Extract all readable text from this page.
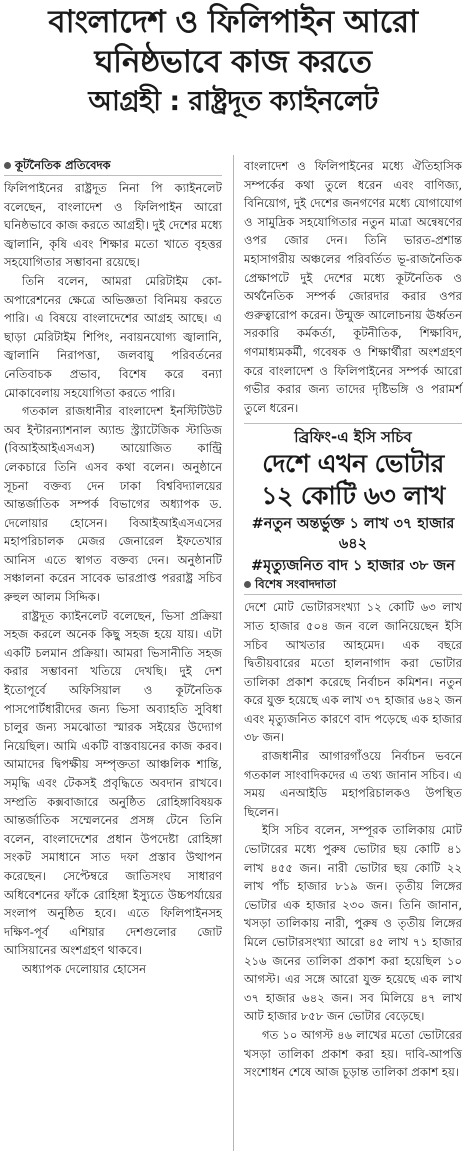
বাংলাদেশ ও ফিলিপাইন আরো
ঘনিষ্ঠভাবে কাজ করতে
আগ্রহী : রাষ্ট্রদূত ক্যাইনলেট
কূটনৈতিক প্রতিবেদক

ফিলিপাইনের রাষ্ট্রদূত নিনা পি ক্যাইনলেট বলেছেন, বাংলাদেশ ও ফিলিপাইন আরো ঘনিষ্ঠভাবে কাজ করতে আগ্রহী। দুই দেশের মধ্যে জ্বালানি, কৃষি এবং শিক্ষার মতো খাতে বৃহত্তর সহযোগিতার সম্ভাবনা রয়েছে।

তিনি বলেন, আমরা মেরিটাইম কো-অপারেশনের ক্ষেত্রে অভিজ্ঞতা বিনিময় করতে পারি। এ বিষয়ে বাংলাদেশের আগ্রহ আছে। এ ছাড়া মেরিটাইম শিপিং, নবায়নযোগ্য জ্বালানি, জ্বালানি নিরাপত্তা, জলবায়ু পরিবর্তনের নেতিবাচক প্রভাব, বিশেষ করে বন্যা মোকাবেলায় সহযোগিতা করতে পারি।

গতকাল রাজধানীর বাংলাদেশ ইনস্টিটিউট অব ইন্টারন্যাশনাল অ্যান্ড স্ট্র্যাটেজিক স্টাডিজ (বিআইআইএসএস) আয়োজিত কান্ট্রি লেকচারে তিনি এসব কথা বলেন। অনুষ্ঠানে সূচনা বক্তব্য দেন ঢাকা বিশ্ববিদ্যালয়ের আন্তর্জাতিক সম্পর্ক বিভাগের অধ্যাপক ড. দেলোয়ার হোসেন। বিআইআইএসএসের মহাপরিচালক মেজর জেনারেল ইফতেখার আনিস এতে স্বাগত বক্তব্য দেন। অনুষ্ঠানটি সঞ্চালনা করেন সাবেক ভারপ্রাপ্ত পররাষ্ট্র সচিব রুহুল আলম সিদ্দিক।

রাষ্ট্রদূত ক্যাইনলেট বলেছেন, ভিসা প্রক্রিয়া সহজ করলে অনেক কিছু সহজ হয়ে যায়। এটা একটি চলমান প্রক্রিয়া। আমরা ভিসানীতি সহজ করার সম্ভাবনা খতিয়ে দেখছি। দুই দেশ ইতোপূর্বে অফিসিয়াল ও কূটনৈতিক পাসপোর্টধারীদের জন্য ভিসা অব্যাহতি সুবিধা চালুর জন্য সমঝোতা স্মারক সইয়ের উদ্যোগ নিয়েছিল। আমি একটি বাস্তবায়নের কাজ করব। আমাদের দ্বিপক্ষীয় সম্পৃক্ততা আঞ্চলিক শান্তি, সমৃদ্ধি এবং টেকসই প্রবৃদ্ধিতে অবদান রাখবে। সম্প্রতি কক্সবাজারে অনুষ্ঠিত রোহিঙ্গাবিষয়ক আন্তর্জাতিক সম্মেলনের প্রসঙ্গ টেনে তিনি বলেন, বাংলাদেশের প্রধান উপদেষ্টা রোহিঙ্গা সংকট সমাধানে সাত দফা প্রস্তাব উত্থাপন করেছেন। সেপ্টেম্বরে জাতিসংঘ সাধারণ অধিবেশনের ফাঁকে রোহিঙ্গা ইস্যুতে উচ্চপর্যায়ের সংলাপ অনুষ্ঠিত হবে। এতে ফিলিপাইনসহ দক্ষিণ-পূর্ব এশিয়ার দেশগুলোর জোট আসিয়ানের অংশগ্রহণ থাকবে।

অধ্যাপক দেলোয়ার হোসেন

বাংলাদেশ ও ফিলিপাইনের মধ্যে ঐতিহাসিক সম্পর্কের কথা তুলে ধরেন এবং বাণিজ্য, বিনিয়োগ, দুই দেশের জনগণের মধ্যে যোগাযোগ ও সামুদ্রিক সহযোগিতার নতুন মাত্রা অন্বেষণের ওপর জোর দেন। তিনি ভারত-প্রশান্ত মহাসাগরীয় অঞ্চলের পরিবর্তিত ভূ-রাজনৈতিক প্রেক্ষাপটে দুই দেশের মধ্যে কূটনৈতিক ও অর্থনৈতিক সম্পর্ক জোরদার করার ওপর গুরুত্বারোপ করেন। উন্মুক্ত আলোচনায় ঊর্ধ্বতন সরকারি কর্মকর্তা, কূটনীতিক, শিক্ষাবিদ, গণমাধ্যমকর্মী, গবেষক ও শিক্ষার্থীরা অংশগ্রহণ করে বাংলাদেশ ও ফিলিপাইনের সম্পর্ক আরো গভীর করার জন্য তাদের দৃষ্টিভঙ্গি ও পরামর্শ তুলে ধরেন।

ব্রিফিং-এ ইসি সচিব

দেশে এখন ভোটার

১২ কোটি ৬৩ লাখ

#নতুন অন্তর্ভুক্ত ১ লাখ ৩৭ হাজার ৬৪২

#মৃত্যুজনিত বাদ ১ হাজার ৩৮ জন

বিশেষ সংবাদদাতা

দেশে মোট ভোটারসংখ্যা ১২ কোটি ৬৩ লাখ সাত হাজার ৫০৪ জন বলে জানিয়েছেন ইসি সচিব আখতার আহমেদ। এক বছরে দ্বিতীয়বারের মতো হালনাগাদ করা ভোটার তালিকা প্রকাশ করেছে নির্বাচন কমিশন। নতুন করে যুক্ত হয়েছে এক লাখ ৩৭ হাজার ৬৪২ জন এবং মৃত্যুজনিত কারণে বাদ পড়েছে এক হাজার ৩৮ জন।

রাজধানীর আগারগাঁওয়ে নির্বাচন ভবনে গতকাল সাংবাদিকদের এ তথ্য জানান সচিব। এ সময় এনআইডি মহাপরিচালকও উপস্থিত ছিলেন।

ইসি সচিব বলেন, সম্পূরক তালিকায় মোট ভোটারের মধ্যে পুরুষ ভোটার ছয় কোটি ৪১ লাখ ৪৫৫ জন। নারী ভোটার ছয় কোটি ২২ লাখ পাঁচ হাজার ৮১৯ জন। তৃতীয় লিঙ্গের ভোটার এক হাজার ২৩০ জন। তিনি জানান, খসড়া তালিকায় নারী, পুরুষ ও তৃতীয় লিঙ্গের মিলে ভোটারসংখ্যা আরো ৪৫ লাখ ৭১ হাজার ২১৬ জনের তালিকা প্রকাশ করা হয়েছিল ১০ আগস্ট। এর সঙ্গে আরো যুক্ত হয়েছে এক লাখ ৩৭ হাজার ৬৪২ জন। সব মিলিয়ে ৪৭ লাখ আট হাজার ৮৫৮ জন ভোটার বেড়েছে।

গত ১০ আগস্ট ৪৬ লাখের মতো ভোটারের খসড়া তালিকা প্রকাশ করা হয়। দাবি-আপত্তি সংশোধন শেষে আজ চূড়ান্ত তালিকা প্রকাশ হয়।
